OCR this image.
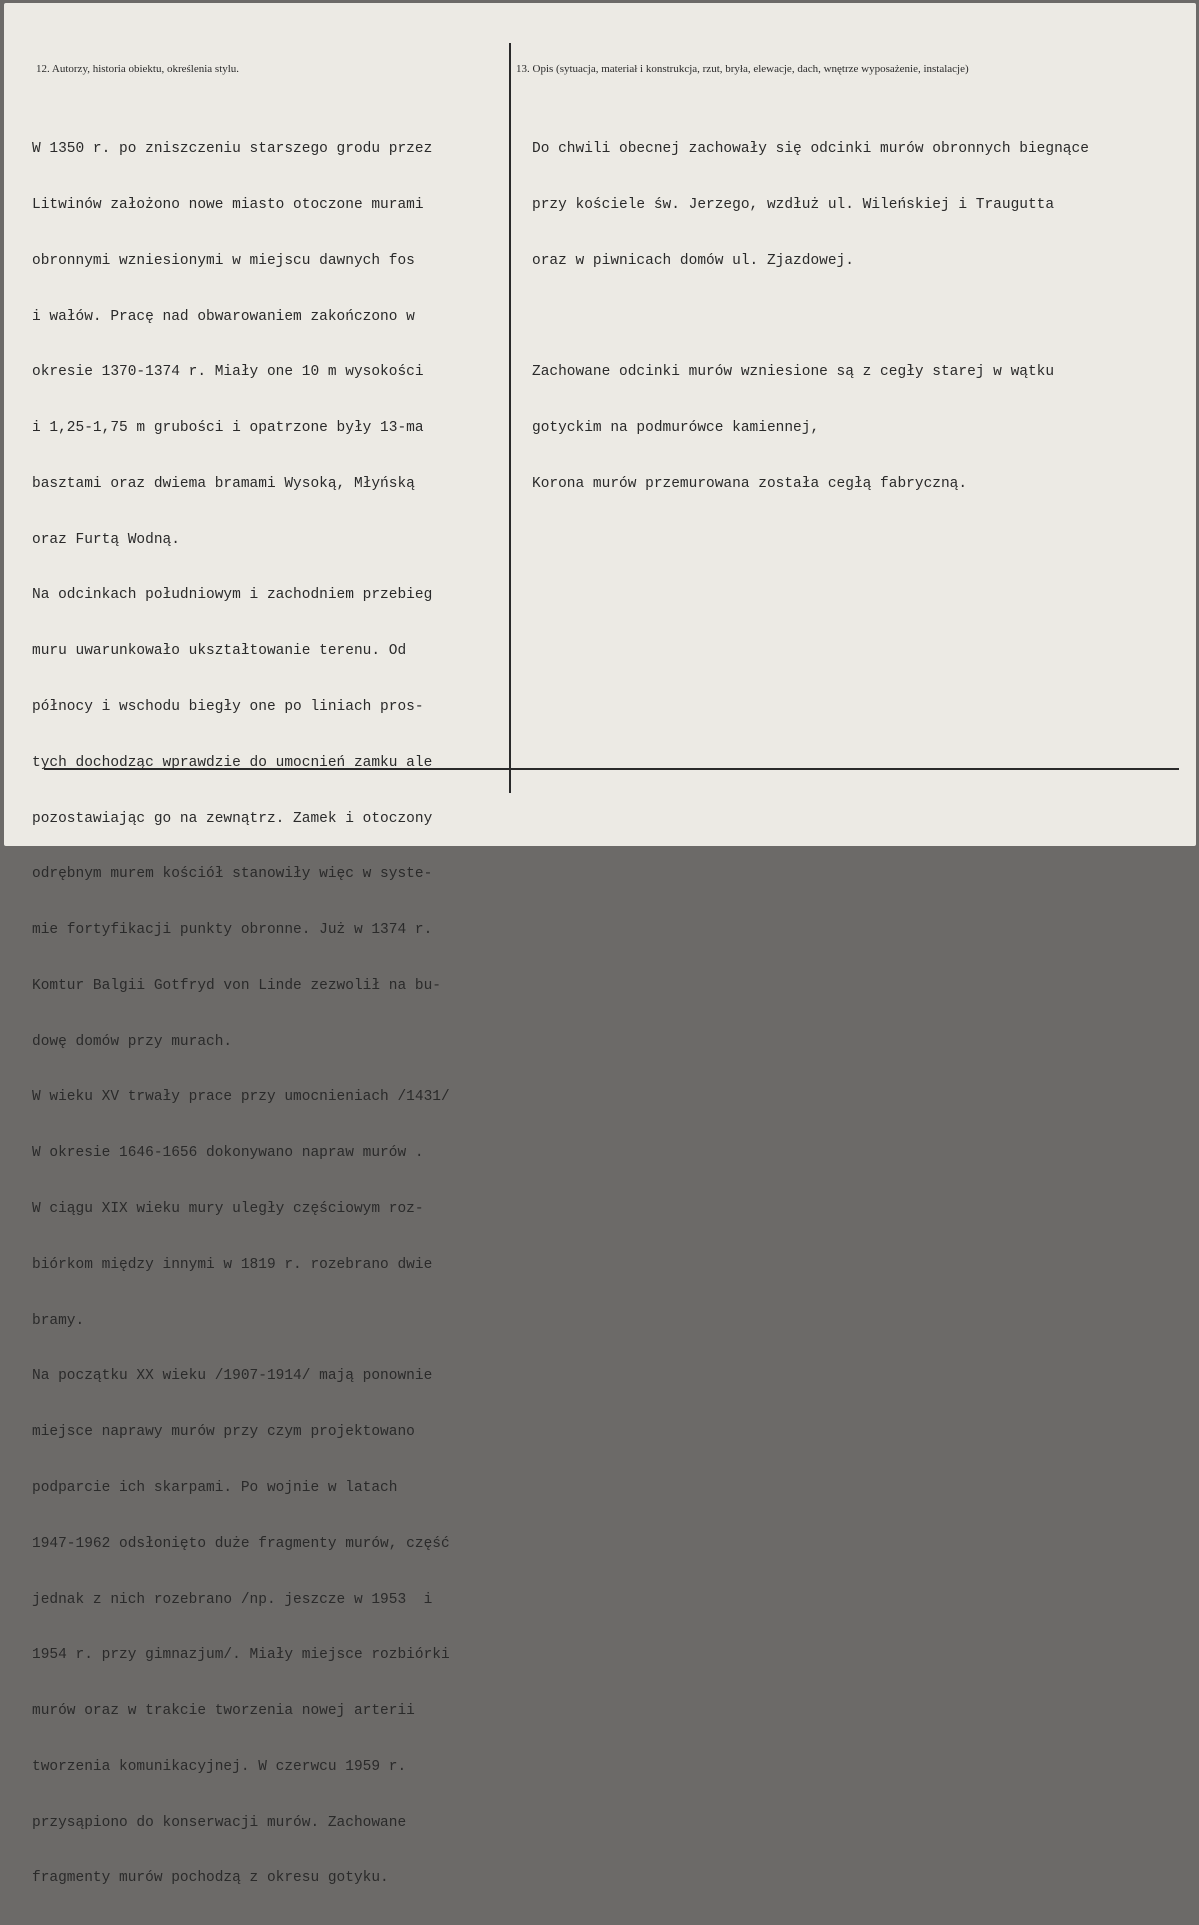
12. Autorzy, historia obiektu, określenia stylu.	13. Opis (sytuacja, materiał i konstrukcja, rzut, bryła, elewacje, dach, wnętrze wyposażenie, instalacje)

W 1350 r. po zniszczeniu starszego grodu przez

Litwinów założono nowe miasto otoczone murami

obronnymi wzniesionymi w miejscu dawnych fos

i wałów. Pracę nad obwarowaniem zakończono w

okresie 1370-1374 r. Miały one 10 m wysokości

i 1,25-1,75 m grubości i opatrzone były 13-ma

basztami oraz dwiema bramami Wysoką, Młyńską

oraz Furtą Wodną.

Na odcinkach południowym i zachodniem przebieg

muru uwarunkowało ukształtowanie terenu. Od

północy i wschodu biegły one po liniach pros-

tych dochodząc wprawdzie do umocnień zamku ale

pozostawiając go na zewnątrz. Zamek i otoczony

odrębnym murem kościół stanowiły więc w syste-

mie fortyfikacji punkty obronne. Już w 1374 r.

Komtur Balgii Gotfryd von Linde zezwolił na bu-

dowę domów przy murach.

W wieku XV trwały prace przy umocnieniach /1431/

W okresie 1646-1656 dokonywano napraw murów .

W ciągu XIX wieku mury uległy częściowym roz-

biórkom między innymi w 1819 r. rozebrano dwie

bramy.

Na początku XX wieku /1907-1914/ mają ponownie

miejsce naprawy murów przy czym projektowano

podparcie ich skarpami. Po wojnie w latach

1947-1962 odsłonięto duże fragmenty murów, część

jednak z nich rozebrano /np. jeszcze w 1953  i

1954 r. przy gimnazjum/. Miały miejsce rozbiórki

murów oraz w trakcie tworzenia nowej arterii

tworzenia komunikacyjnej. W czerwcu 1959 r.

przysąpiono do konserwacji murów. Zachowane

fragmenty murów pochodzą z okresu gotyku.

Do chwili obecnej zachowały się odcinki murów obronnych biegnące

przy kościele św. Jerzego, wzdłuż ul. Wileńskiej i Traugutta

oraz w piwnicach domów ul. Zjazdowej.

Zachowane odcinki murów wzniesione są z cegły starej w wątku

gotyckim na podmurówce kamiennej,

Korona murów przemurowana została cegłą fabryczną.
